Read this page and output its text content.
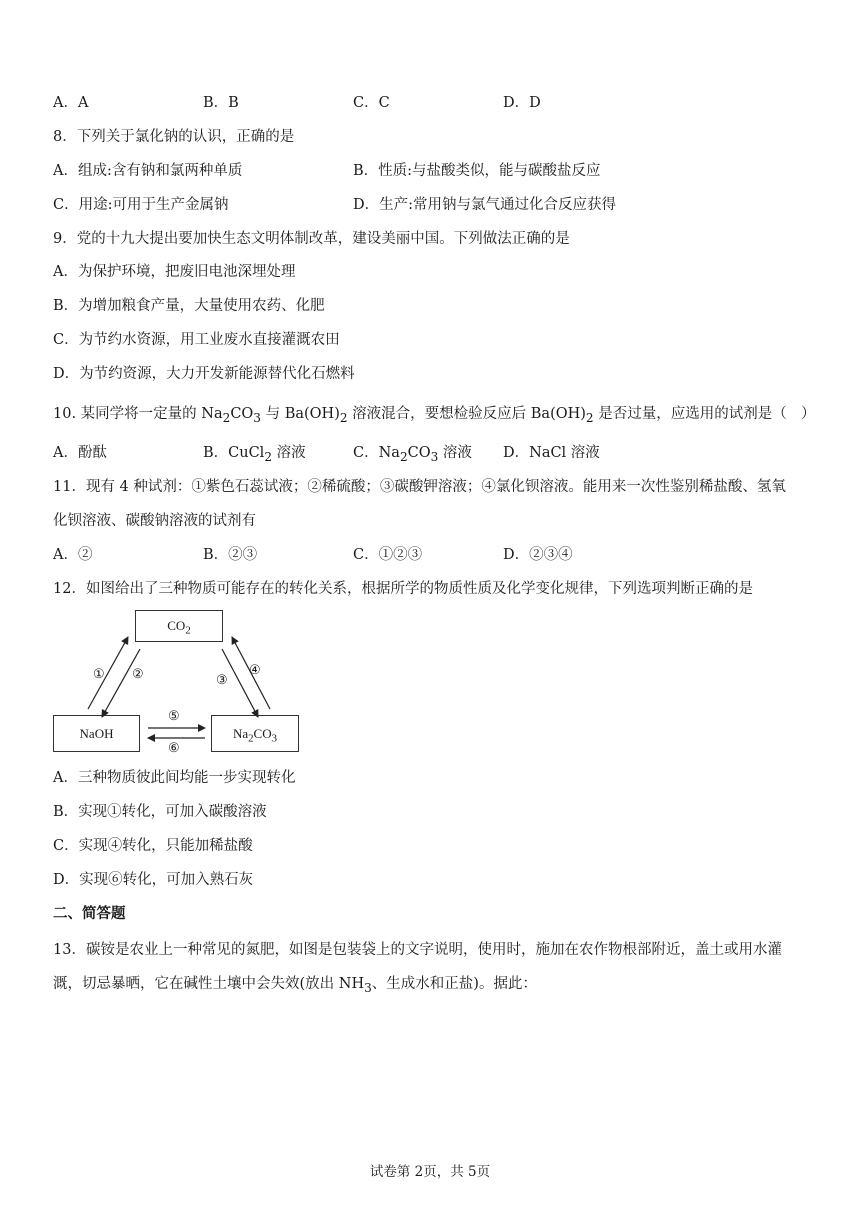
A．A	B．B	C．C	D．D
8．下列关于氯化钠的认识，正确的是
A．组成:含有钠和氯两种单质	B．性质:与盐酸类似，能与碳酸盐反应
C．用途:可用于生产金属钠	D．生产:常用钠与氯气通过化合反应获得
9．党的十九大提出要加快生态文明体制改革，建设美丽中国。下列做法正确的是
A．为保护环境，把废旧电池深埋处理
B．为增加粮食产量，大量使用农药、化肥
C．为节约水资源，用工业废水直接灌溉农田
D．为节约资源，大力开发新能源替代化石燃料
10. 某同学将一定量的 $Na_2CO_3$ 与 $Ba(OH)_2$ 溶液混合，要想检验反应后 $Ba(OH)_2$ 是否过量，应选用的试剂是（ ）
A．酚酞	B．CuCl$_2$ 溶液	C．$Na_2CO_3$ 溶液 D．NaCl 溶液
11．现有 4 种试剂：①紫色石蕊试液；②稀硫酸；③碳酸钾溶液；④氯化钡溶液。能用来一次性鉴别稀盐酸、氢氧
化钡溶液、碳酸钠溶液的试剂有
A．②	B．②③	C．①②③	D．②③④
12．如图给出了三种物质可能存在的转化关系，根据所学的物质性质及化学变化规律，下列选项判断正确的是
$CO_2$
NaOH	$Na_2CO_3$
① ②	③
④
⑤
⑥
A．三种物质彼此间均能一步实现转化
B．实现①转化，可加入碳酸溶液
C．实现④转化，只能加稀盐酸
D．实现⑥转化，可加入熟石灰
二、简答题
13．碳铵是农业上一种常见的氮肥，如图是包装袋上的文字说明，使用时，施加在农作物根部附近，盖土或用水灌
溉，切忌暴晒，它在碱性土壤中会失效(放出 $NH_3$、生成水和正盐)。据此：
试卷第 2页，共 5页
